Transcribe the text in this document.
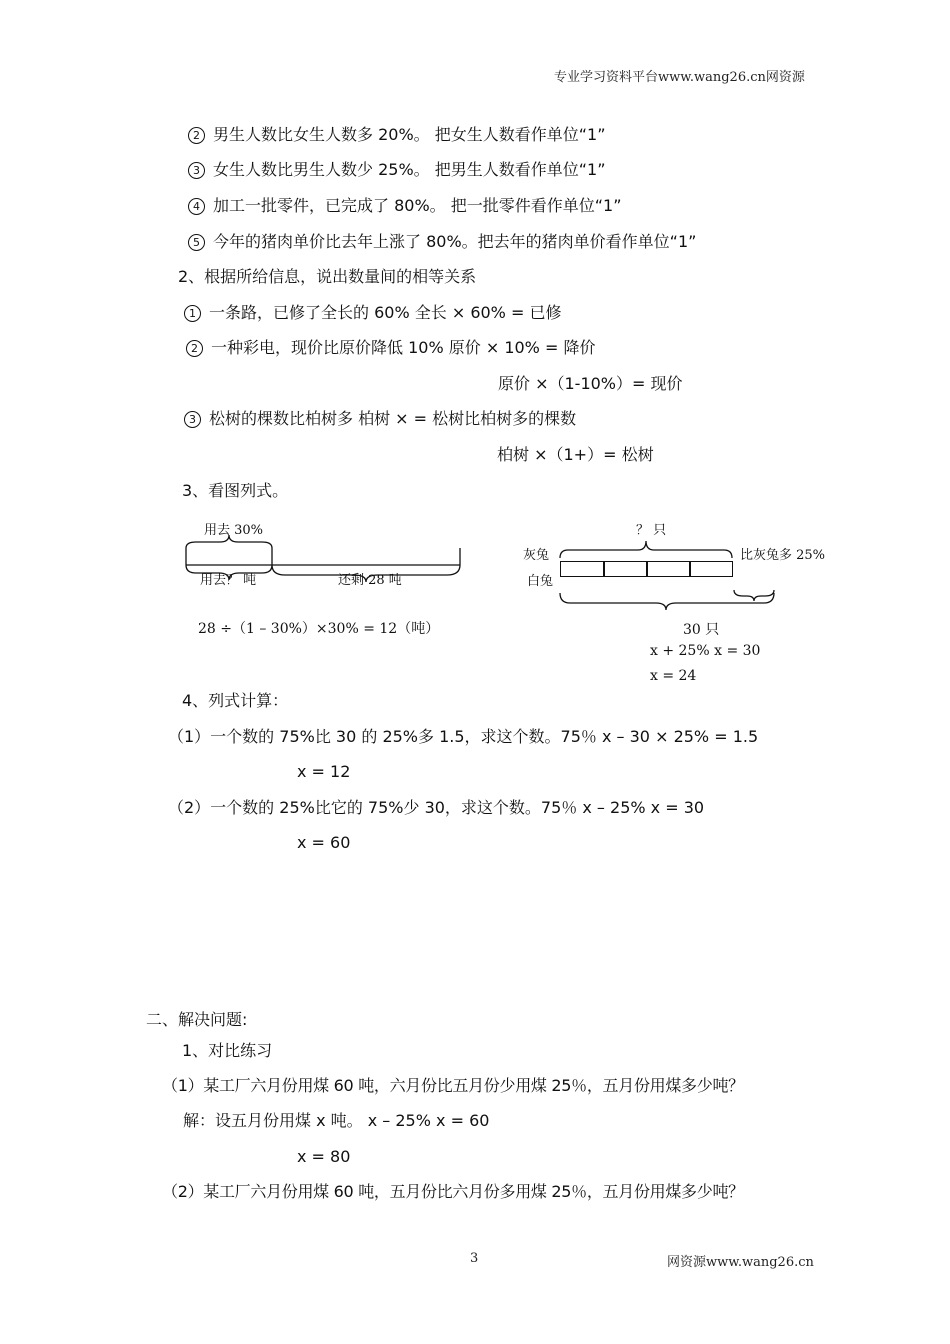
专业学习资料平台www.wang26.cn网资源
2 男生人数比女生人数多 20%。 把女生人数看作单位“1”
3 女生人数比男生人数少 25%。 把男生人数看作单位“1”
4 加工一批零件，已完成了 80%。 把一批零件看作单位“1”
5 今年的猪肉单价比去年上涨了 80%。把去年的猪肉单价看作单位“1”
2、根据所给信息，说出数量间的相等关系
1 一条路，已修了全长的 60% 全长 × 60% = 已修
2 一种彩电，现价比原价降低 10% 原价 × 10% = 降价
原价 ×（1-10%）= 现价
3 松树的棵数比柏树多 柏树 × = 松树比柏树多的棵数
柏树 ×（1+）= 松树
3、看图列式。
用去 30%
用去？ 吨	还剩 28 吨
28 ÷（1 – 30%）×30% = 12（吨）
？ 只
灰兔
白兔
比灰兔多 25%
30 只
x + 25% x = 30
x = 24
4、列式计算：
（1）一个数的 75%比 30 的 25%多 1.5，求这个数。75％ x – 30 × 25% = 1.5
x = 12
（2）一个数的 25%比它的 75%少 30，求这个数。75％ x – 25% x = 30
x = 60
二、解决问题:
1、对比练习
（1）某工厂六月份用煤 60 吨，六月份比五月份少用煤 25％，五月份用煤多少吨？
解：设五月份用煤 x 吨。 x – 25% x = 60
x = 80
（2）某工厂六月份用煤 60 吨，五月份比六月份多用煤 25％，五月份用煤多少吨？
3	网资源www.wang26.cn
